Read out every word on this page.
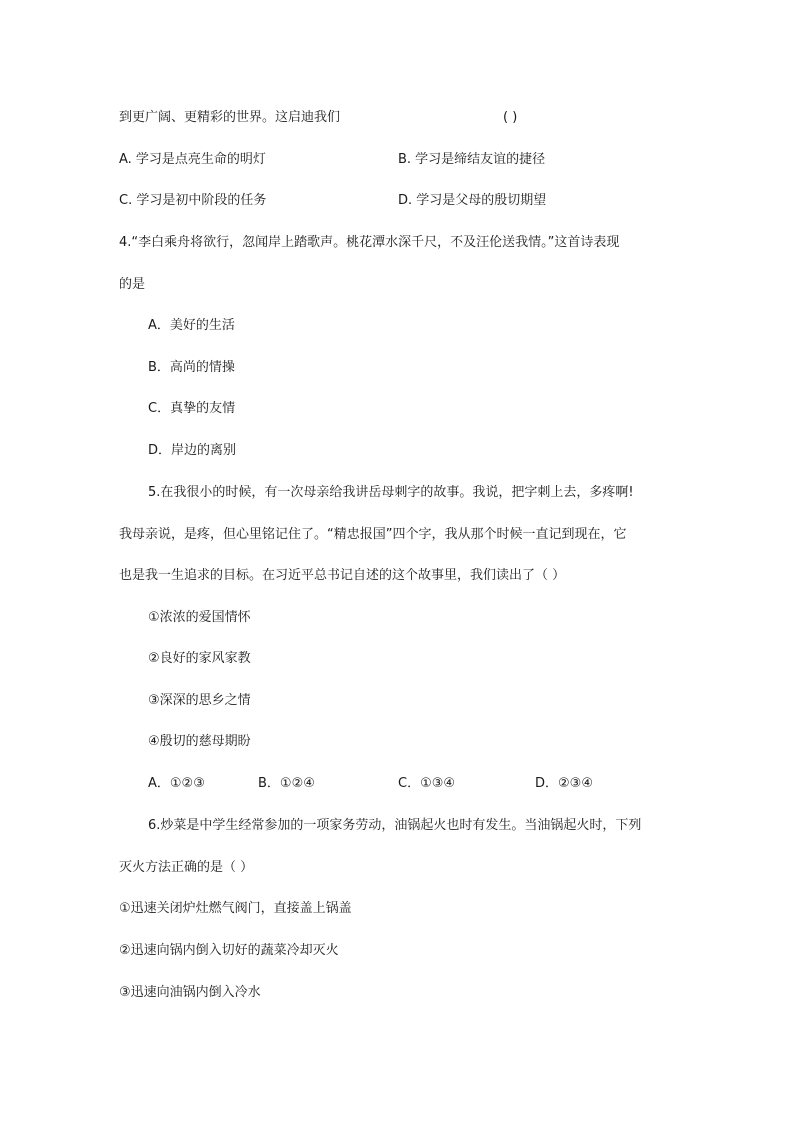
到更广阔、更精彩的世界。这启迪我们	( )
A. 学习是点亮生命的明灯	B. 学习是缔结友谊的捷径
C. 学习是初中阶段的任务	D. 学习是父母的殷切期望
4.“李白乘舟将欲行，忽闻岸上踏歌声。桃花潭水深千尺，不及汪伦送我情。”这首诗表现
的是
A．美好的生活
B．高尚的情操
C．真挚的友情
D．岸边的离别
5.在我很小的时候，有一次母亲给我讲岳母刺字的故事。我说，把字刺上去，多疼啊!
我母亲说，是疼，但心里铭记住了。“精忠报国”四个字，我从那个时候一直记到现在，它
也是我一生追求的目标。在习近平总书记自述的这个故事里，我们读出了（ ）
①浓浓的爱国情怀
②良好的家风家教
③深深的思乡之情
④殷切的慈母期盼
A．①②③	B．①②④	C．①③④	D．②③④
6.炒菜是中学生经常参加的一项家务劳动，油锅起火也时有发生。当油锅起火时，下列
灭火方法正确的是（ ）
①迅速关闭炉灶燃气阀门，直接盖上锅盖
②迅速向锅内倒入切好的蔬菜冷却灭火
③迅速向油锅内倒入冷水
